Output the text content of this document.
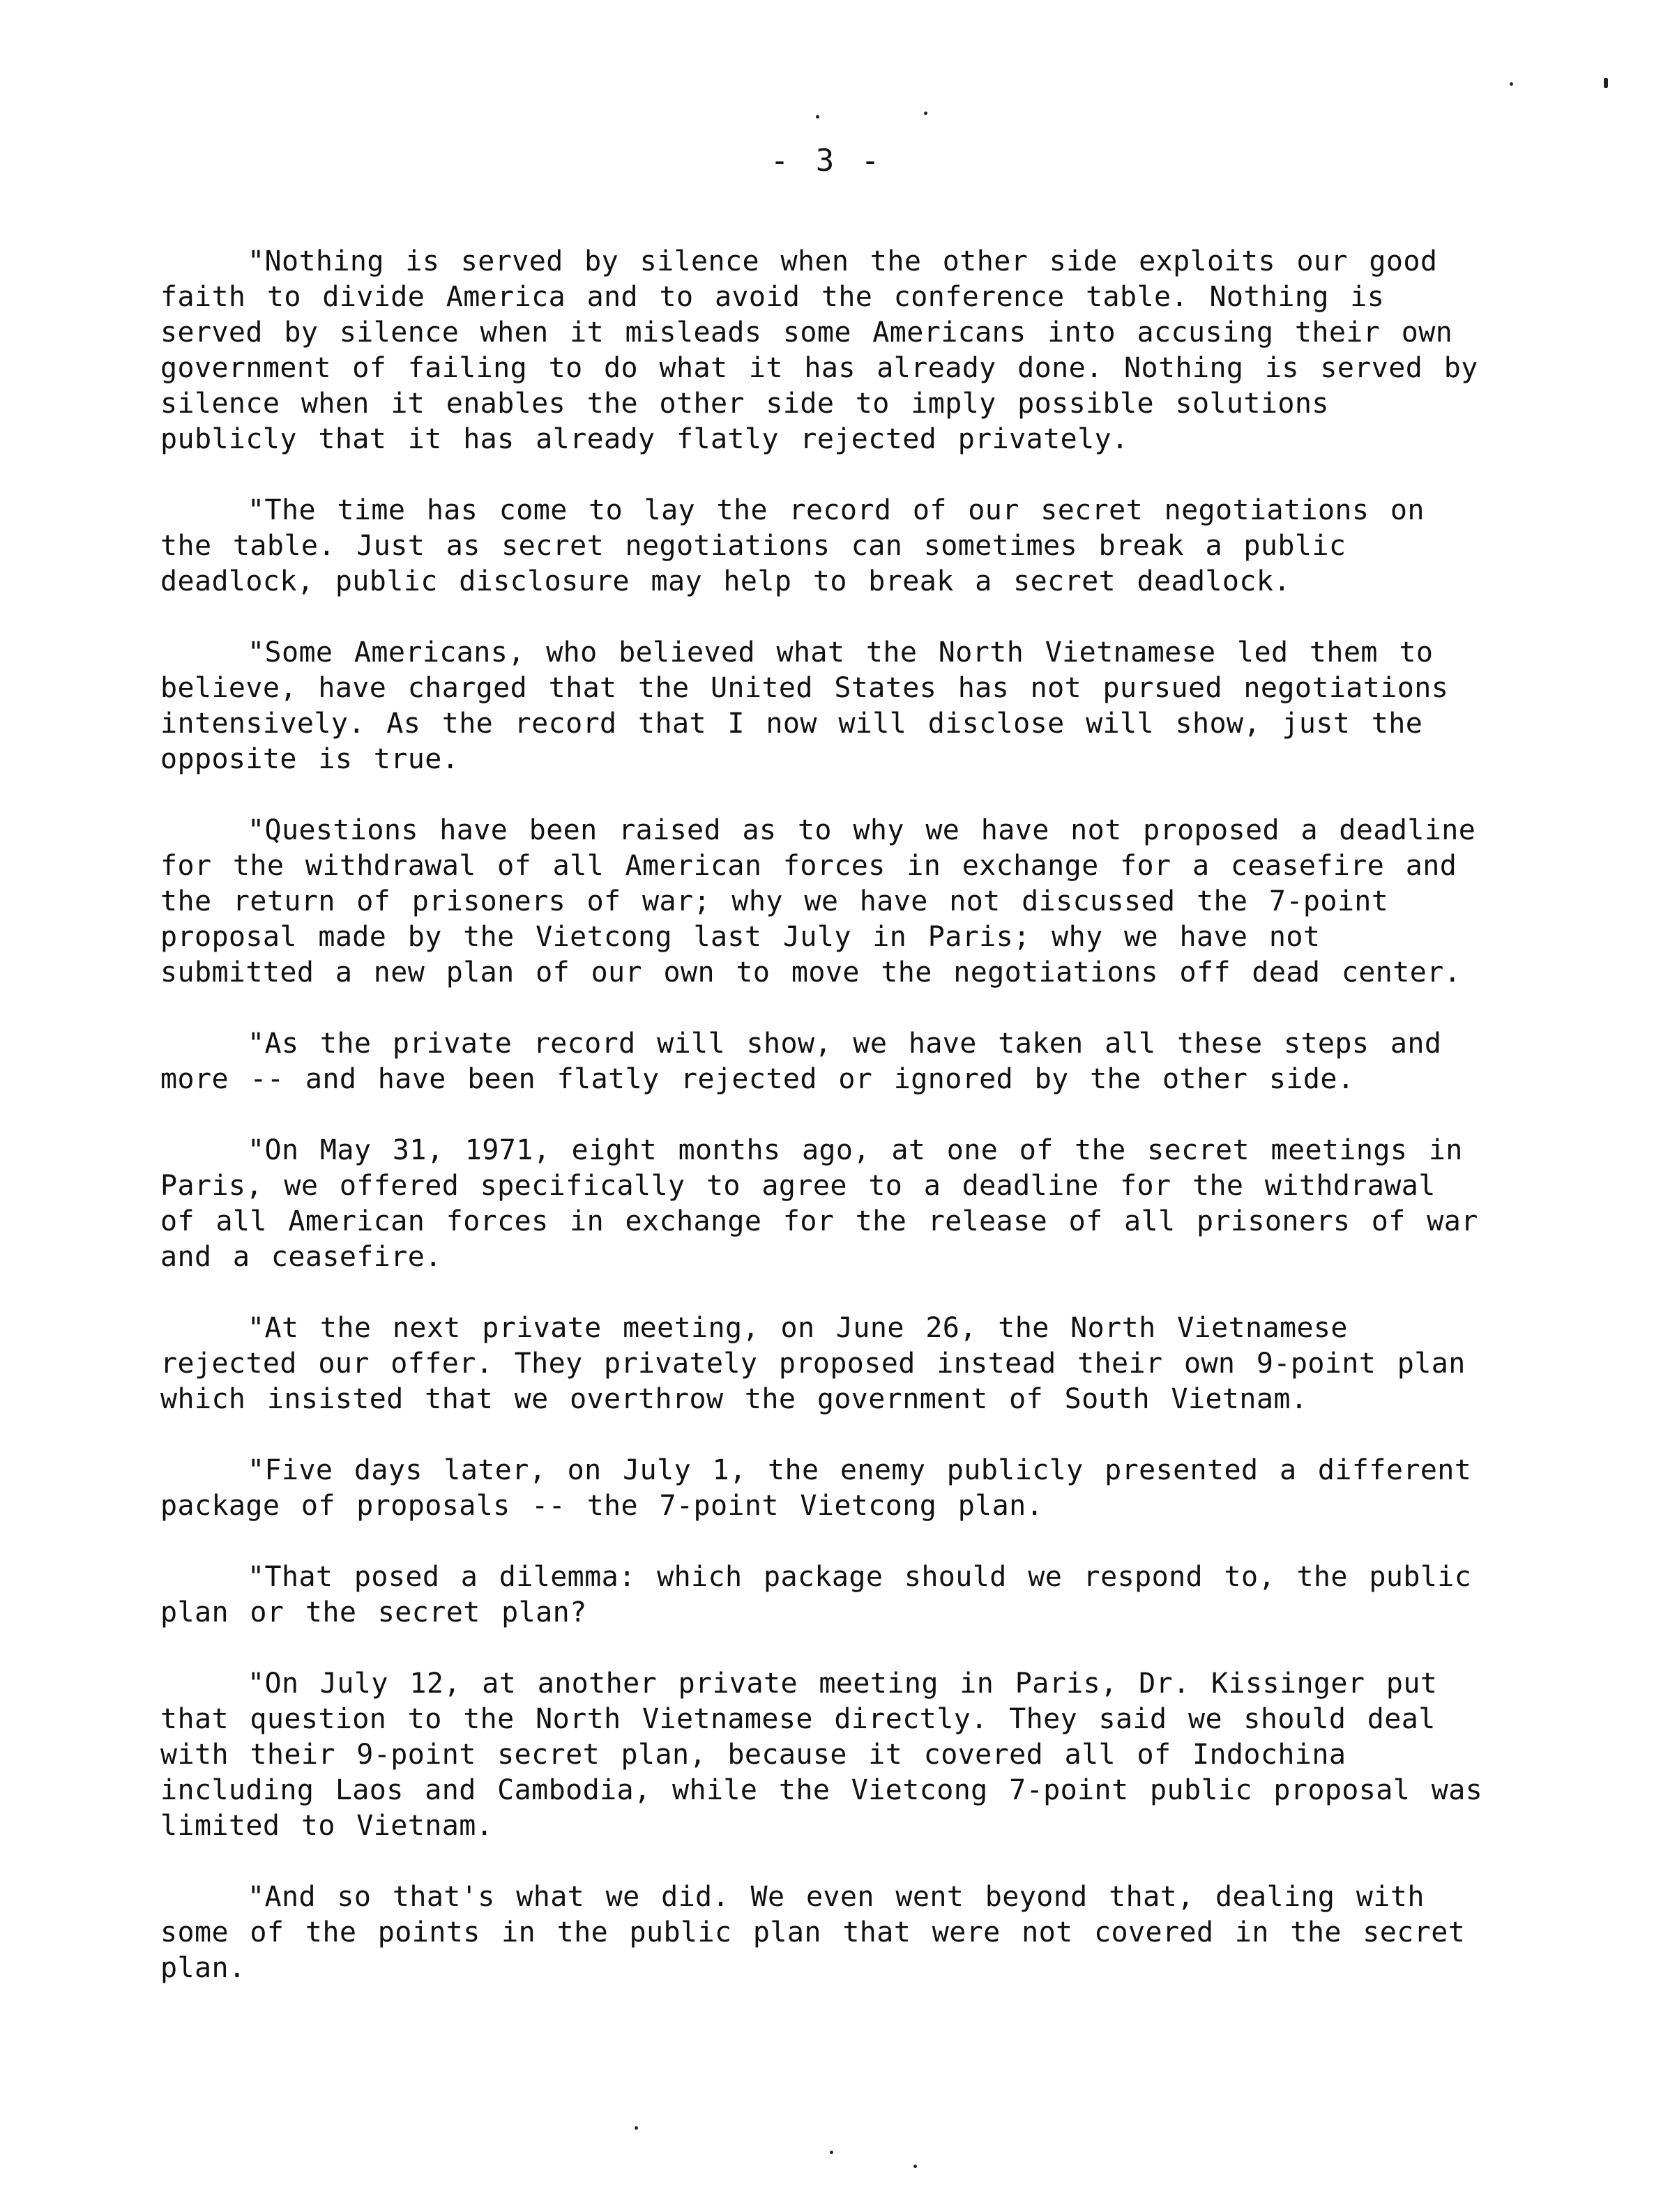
- 3 -

"Nothing is served by silence when the other side exploits our good faith to divide America and to avoid the conference table. Nothing is served by silence when it misleads some Americans into accusing their own government of failing to do what it has already done. Nothing is served by silence when it enables the other side to imply possible solutions publicly that it has already flatly rejected privately.

"The time has come to lay the record of our secret negotiations on the table. Just as secret negotiations can sometimes break a public deadlock, public disclosure may help to break a secret deadlock.

"Some Americans, who believed what the North Vietnamese led them to believe, have charged that the United States has not pursued negotiations intensively. As the record that I now will disclose will show, just the opposite is true.

"Questions have been raised as to why we have not proposed a deadline for the withdrawal of all American forces in exchange for a ceasefire and the return of prisoners of war; why we have not discussed the 7-point proposal made by the Vietcong last July in Paris; why we have not submitted a new plan of our own to move the negotiations off dead center.

"As the private record will show, we have taken all these steps and more -- and have been flatly rejected or ignored by the other side.

"On May 31, 1971, eight months ago, at one of the secret meetings in Paris, we offered specifically to agree to a deadline for the withdrawal of all American forces in exchange for the release of all prisoners of war and a ceasefire.

"At the next private meeting, on June 26, the North Vietnamese rejected our offer. They privately proposed instead their own 9-point plan which insisted that we overthrow the government of South Vietnam.

"Five days later, on July 1, the enemy publicly presented a different package of proposals -- the 7-point Vietcong plan.

"That posed a dilemma: which package should we respond to, the public plan or the secret plan?

"On July 12, at another private meeting in Paris, Dr. Kissinger put that question to the North Vietnamese directly. They said we should deal with their 9-point secret plan, because it covered all of Indochina including Laos and Cambodia, while the Vietcong 7-point public proposal was limited to Vietnam.

"And so that's what we did. We even went beyond that, dealing with some of the points in the public plan that were not covered in the secret plan.
